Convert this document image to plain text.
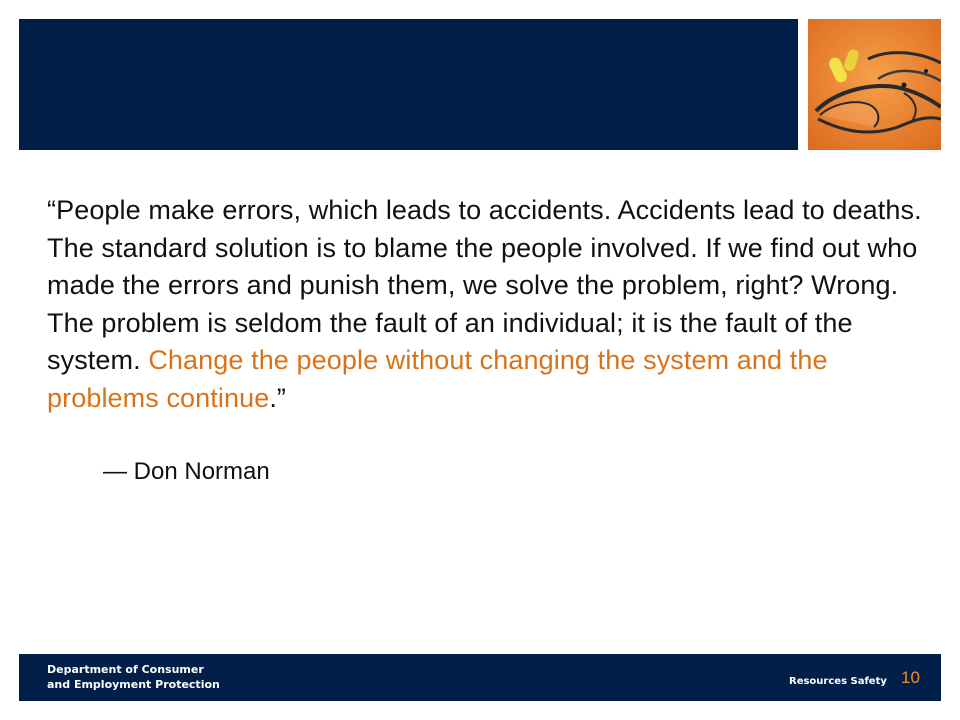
“People make errors, which leads to accidents. Accidents lead to deaths. The standard solution is to blame the people involved. If we find out who made the errors and punish them, we solve the problem, right? Wrong. The problem is seldom the fault of an individual; it is the fault of the system. Change the people without changing the system and the problems continue.”

— Don Norman
Department of Consumer
and Employment Protection	Resources Safety 10
